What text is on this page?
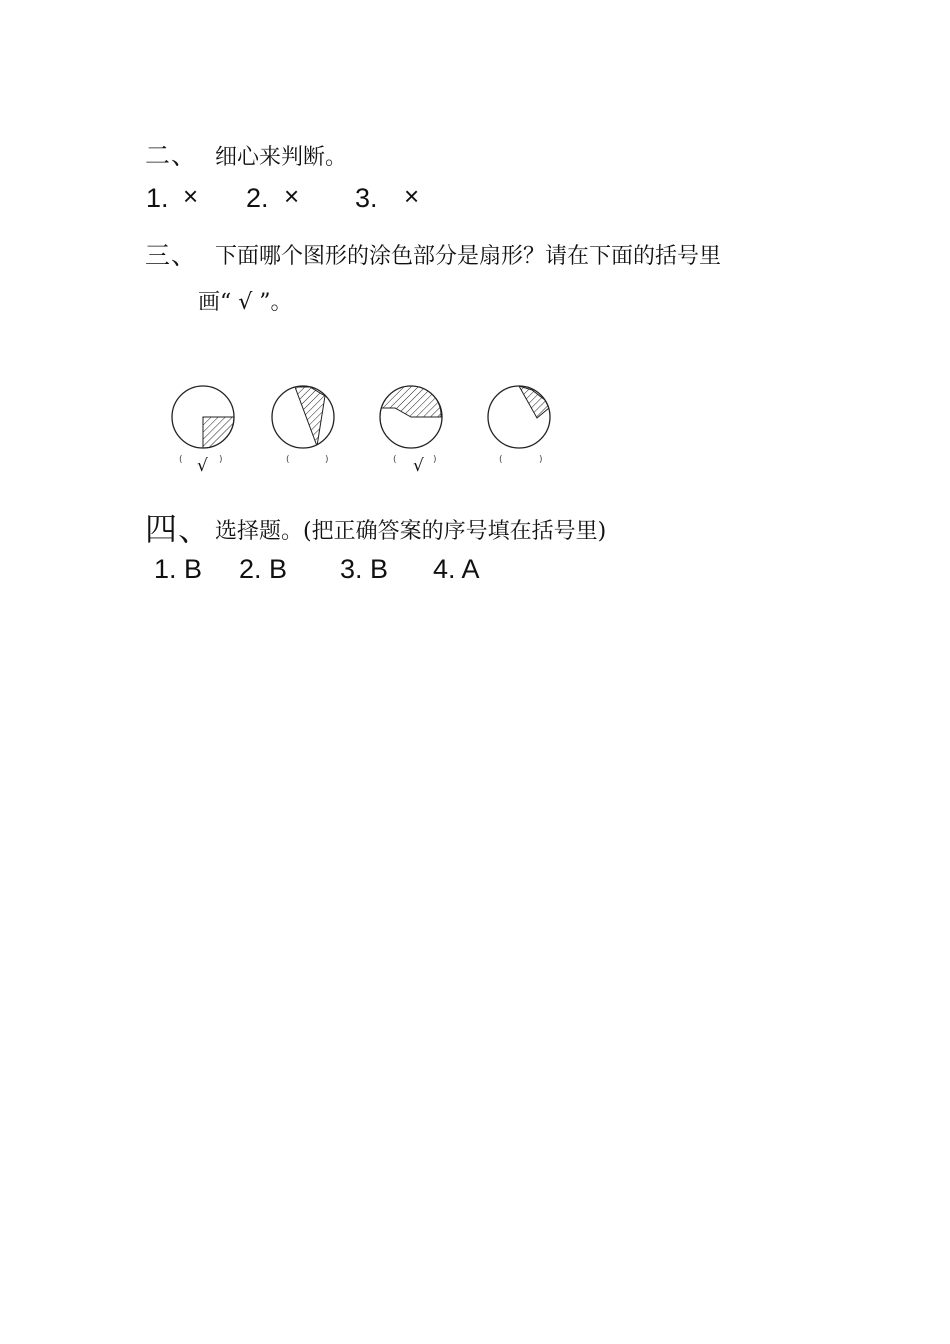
二、 细心来判断。
1. × 2. × 3. ×
三、 下面哪个图形的涂色部分是扇形？请在下面的括号里
画“ √ ”。
(	)	(	)	(	)	(	)
√	√
四、 选择题。(把正确答案的序号填在括号里)
1. B 2. B 3. B 4. A
